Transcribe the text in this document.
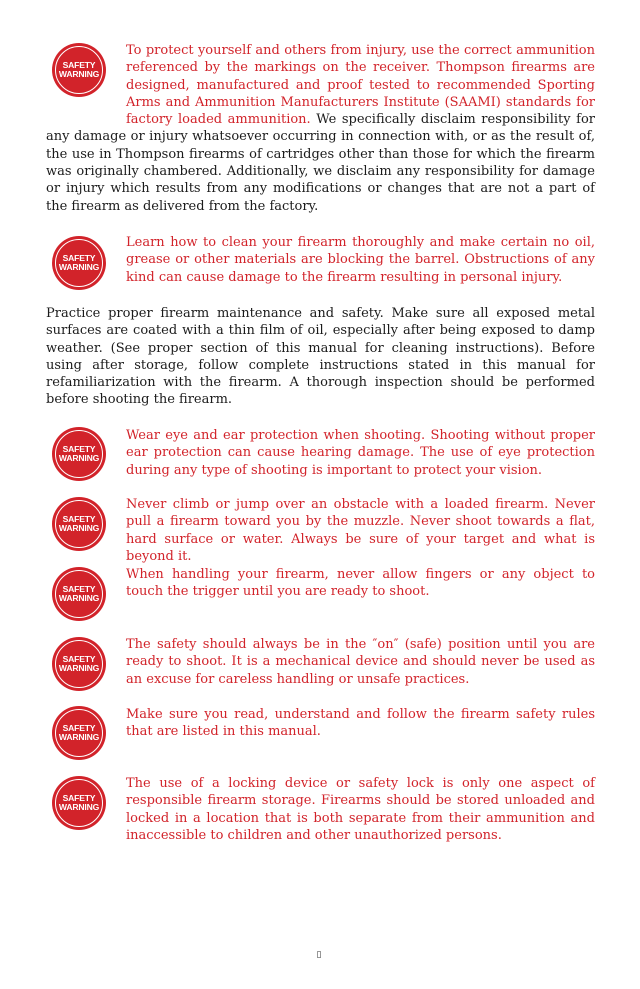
SAFETY
WARNING

To protect yourself and others from injury, use the correct ammunition referenced by the markings on the receiver. Thompson firearms are designed, manufactured and proof tested to recommended Sporting Arms and Ammunition Manufacturers Institute (SAAMI) standards for factory loaded ammunition. We specifically disclaim responsibility for any damage or injury whatsoever occurring in connection with, or as the result of, the use in Thompson firearms of cartridges other than those for which the firearm was originally chambered. Additionally, we disclaim any responsibility for damage or injury which results from any modifications or changes that are not a part of the firearm as delivered from the factory.

SAFETY
WARNING

Learn how to clean your firearm thoroughly and make certain no oil, grease or other materials are blocking the barrel. Obstructions of any kind can cause damage to the firearm resulting in personal injury.

Practice proper firearm maintenance and safety. Make sure all exposed metal surfaces are coated with a thin film of oil, especially after being exposed to damp weather. (See proper section of this manual for cleaning instructions). Before using after storage, follow complete instructions stated in this manual for refamiliarization with the firearm. A thorough inspection should be performed before shooting the firearm.

SAFETY
WARNING

Wear eye and ear protection when shooting. Shooting without proper ear protection can cause hearing damage. The use of eye protection during any type of shooting is important to protect your vision.

SAFETY
WARNING

Never climb or jump over an obstacle with a loaded firearm. Never pull a firearm toward you by the muzzle. Never shoot towards a flat, hard surface or water. Always be sure of your target and what is beyond it.

SAFETY
WARNING

When handling your firearm, never allow fingers or any object to touch the trigger until you are ready to shoot.

SAFETY
WARNING

The safety should always be in the ″on″ (safe) position until you are ready to shoot. It is a mechanical device and should never be used as an excuse for careless handling or unsafe practices.

SAFETY
WARNING

Make sure you read, understand and follow the firearm safety rules that are listed in this manual.

SAFETY
WARNING

The use of a locking device or safety lock is only one aspect of responsible firearm storage. Firearms should be stored unloaded and locked in a location that is both separate from their ammunition and inaccessible to children and other unauthorized persons.

▯
